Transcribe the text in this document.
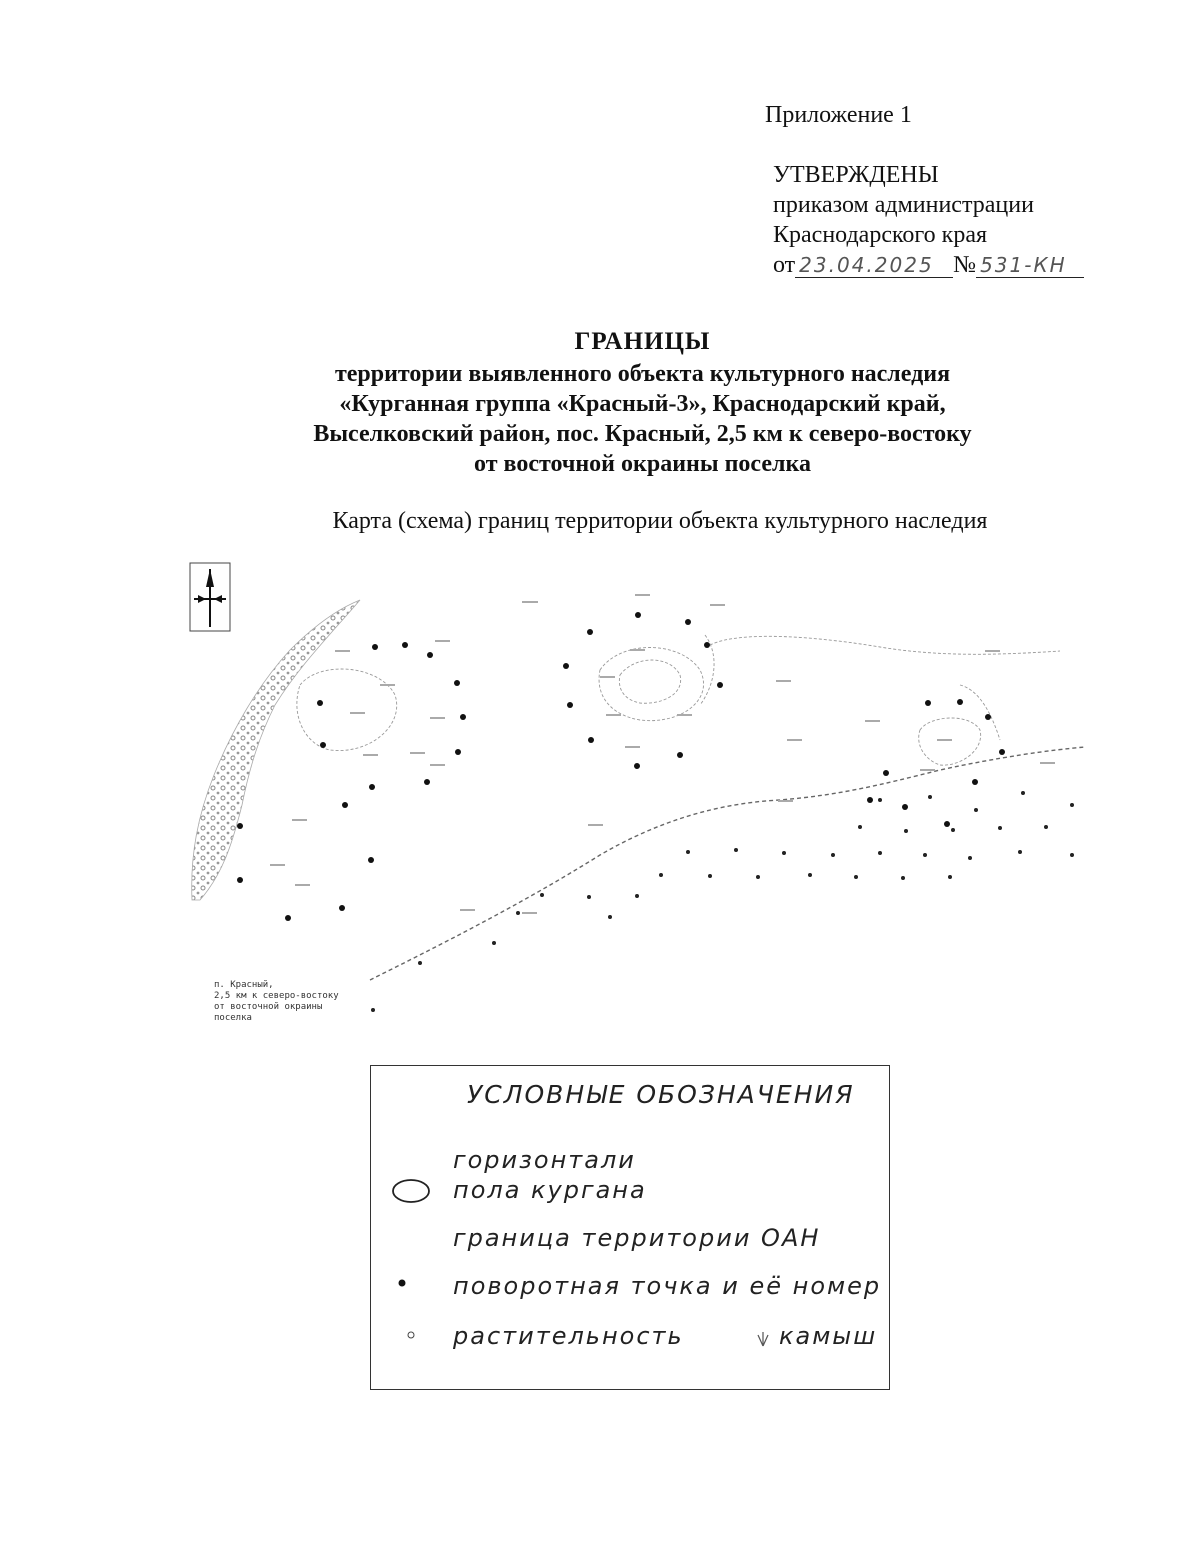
Приложение 1
УТВЕРЖДЕНЫ
приказом администрации
Краснодарского края
от 23.04.2025 № 531-КН
ГРАНИЦЫ
территории выявленного объекта культурного наследия
«Курганная группа «Красный-3», Краснодарский край,
Выселковский район, пос. Красный, 2,5 км к северо-востоку
от восточной окраины поселка
Карта (схема) границ территории объекта культурного наследия
п. Красный,
2,5 км к северо-востоку
от восточной окраины
поселка
УСЛОВНЫЕ ОБОЗНАЧЕНИЯ
горизонтали
пола кургана
граница территории ОАН
поворотная точка и её номер
растительность	камыш
